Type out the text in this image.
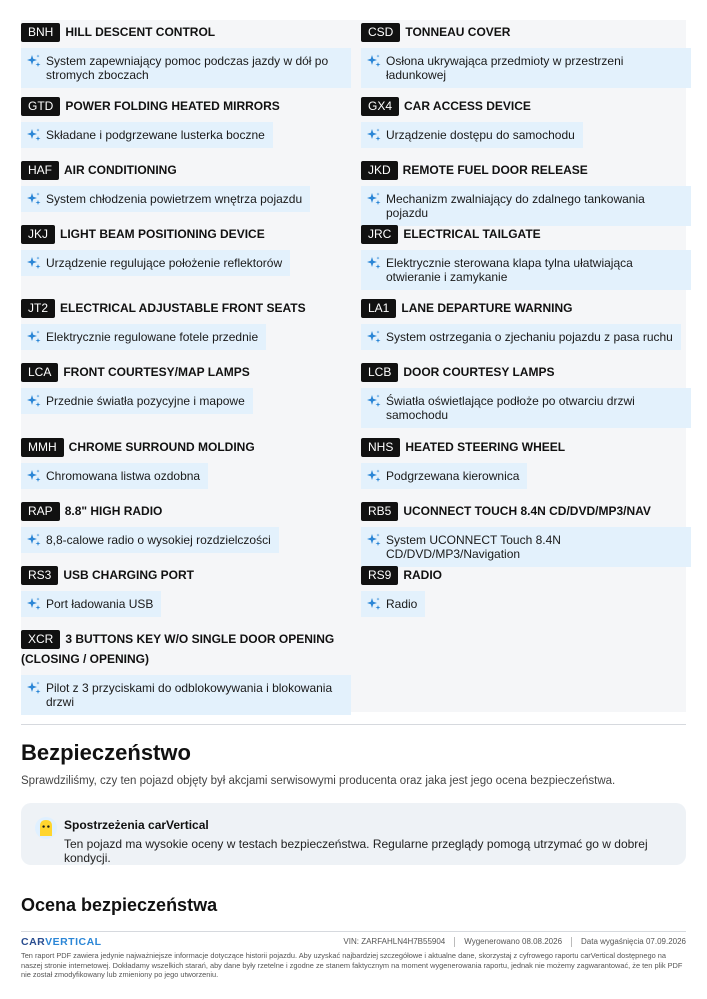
BNH	HILL DESCENT CONTROL
System zapewniający pomoc podczas jazdy w dół po stromych zboczach
GTD	POWER FOLDING HEATED MIRRORS
Składane i podgrzewane lusterka boczne
HAF	AIR CONDITIONING
System chłodzenia powietrzem wnętrza pojazdu
JKJ	LIGHT BEAM POSITIONING DEVICE
Urządzenie regulujące położenie reflektorów
JT2	ELECTRICAL ADJUSTABLE FRONT SEATS
Elektrycznie regulowane fotele przednie
LCA	FRONT COURTESY/MAP LAMPS
Przednie światła pozycyjne i mapowe
MMH	CHROME SURROUND MOLDING
Chromowana listwa ozdobna
RAP	8.8" HIGH RADIO
8,8-calowe radio o wysokiej rozdzielczości
RS3	USB CHARGING PORT
Port ładowania USB
XCR	3 BUTTONS KEY W/O SINGLE DOOR OPENING
(CLOSING / OPENING)
Pilot z 3 przyciskami do odblokowywania i blokowania drzwi
CSD	TONNEAU COVER
Osłona ukrywająca przedmioty w przestrzeni ładunkowej
GX4	CAR ACCESS DEVICE
Urządzenie dostępu do samochodu
JKD	REMOTE FUEL DOOR RELEASE
Mechanizm zwalniający do zdalnego tankowania pojazdu
JRC	ELECTRICAL TAILGATE
Elektrycznie sterowana klapa tylna ułatwiająca otwieranie i zamykanie
LA1	LANE DEPARTURE WARNING
System ostrzegania o zjechaniu pojazdu z pasa ruchu
LCB	DOOR COURTESY LAMPS
Światła oświetlające podłoże po otwarciu drzwi samochodu
NHS	HEATED STEERING WHEEL
Podgrzewana kierownica
RB5	UCONNECT TOUCH 8.4N CD/DVD/MP3/NAV
System UCONNECT Touch 8.4N CD/DVD/MP3/Navigation
RS9	RADIO
Radio
Bezpieczeństwo

Sprawdziliśmy, czy ten pojazd objęty był akcjami serwisowymi producenta oraz jaka jest jego ocena bezpieczeństwa.

Spostrzeżenia carVertical
Ten pojazd ma wysokie oceny w testach bezpieczeństwa. Regularne przeglądy pomogą utrzymać go w dobrej kondycji.
Ocena bezpieczeństwa
CARVERTICAL	VIN: ZARFAHLN4H7B55904 Wygenerowano 08.08.2026 Data wygaśnięcia 07.09.2026

Ten raport PDF zawiera jedynie najważniejsze informacje dotyczące historii pojazdu. Aby uzyskać najbardziej szczegółowe i aktualne dane, skorzystaj z cyfrowego raportu carVertical dostępnego na naszej stronie internetowej. Dokładamy wszelkich starań, aby dane były rzetelne i zgodne ze stanem faktycznym na moment wygenerowania raportu, jednak nie możemy zagwarantować, że ten plik PDF nie został zmodyfikowany lub zmieniony po jego utworzeniu.
